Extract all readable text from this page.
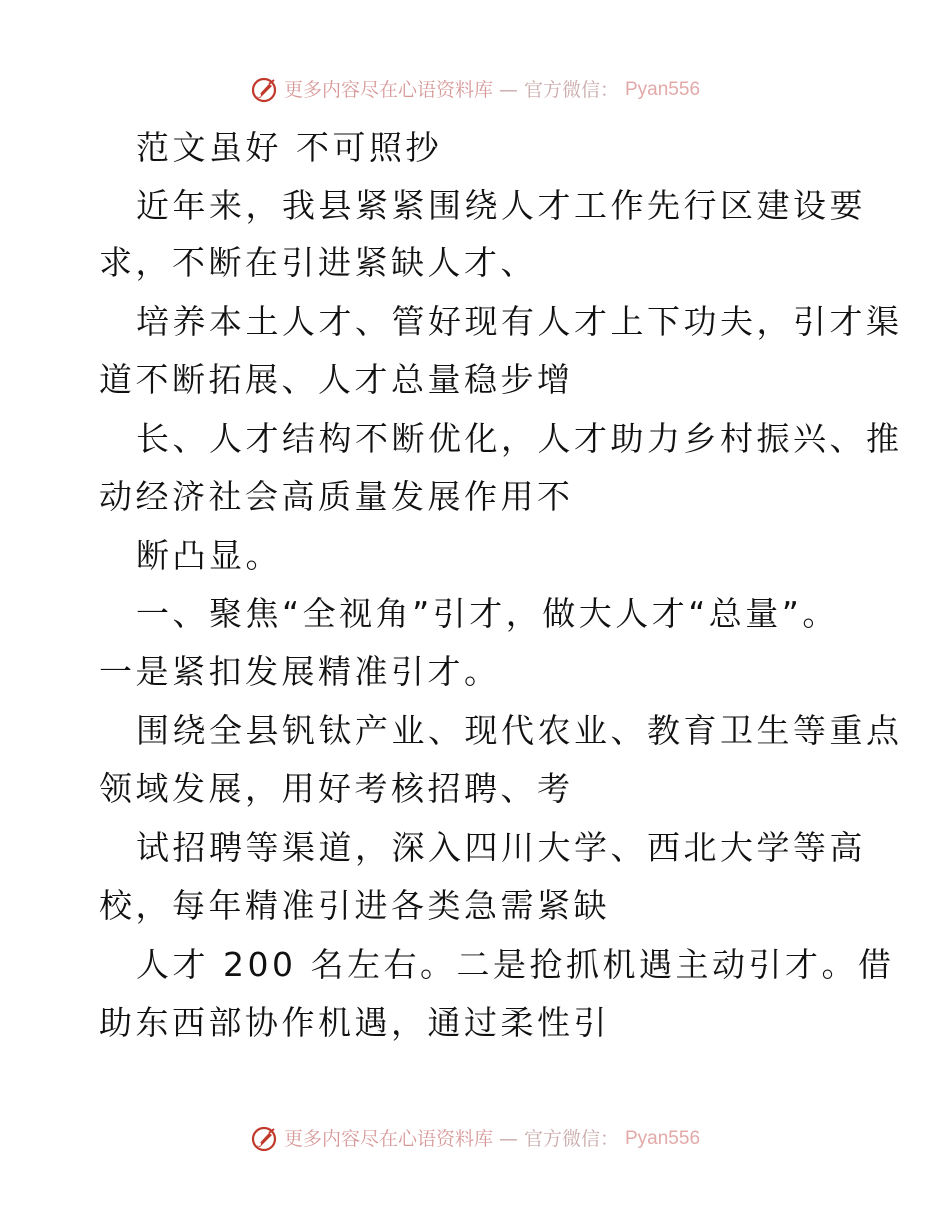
更多内容尽在心语资料库 — 官方微信： Pyan556
范文虽好 不可照抄
近年来，我县紧紧围绕人才工作先行区建设要
求，不断在引进紧缺人才、
培养本土人才、管好现有人才上下功夫，引才渠
道不断拓展、人才总量稳步增
长、人才结构不断优化，人才助力乡村振兴、推
动经济社会高质量发展作用不
断凸显。
一、聚焦“全视角”引才，做大人才“总量”。
一是紧扣发展精准引才。
围绕全县钒钛产业、现代农业、教育卫生等重点
领域发展，用好考核招聘、考
试招聘等渠道，深入四川大学、西北大学等高
校，每年精准引进各类急需紧缺
人才 200 名左右。二是抢抓机遇主动引才。借
助东西部协作机遇，通过柔性引
更多内容尽在心语资料库 — 官方微信： Pyan556
